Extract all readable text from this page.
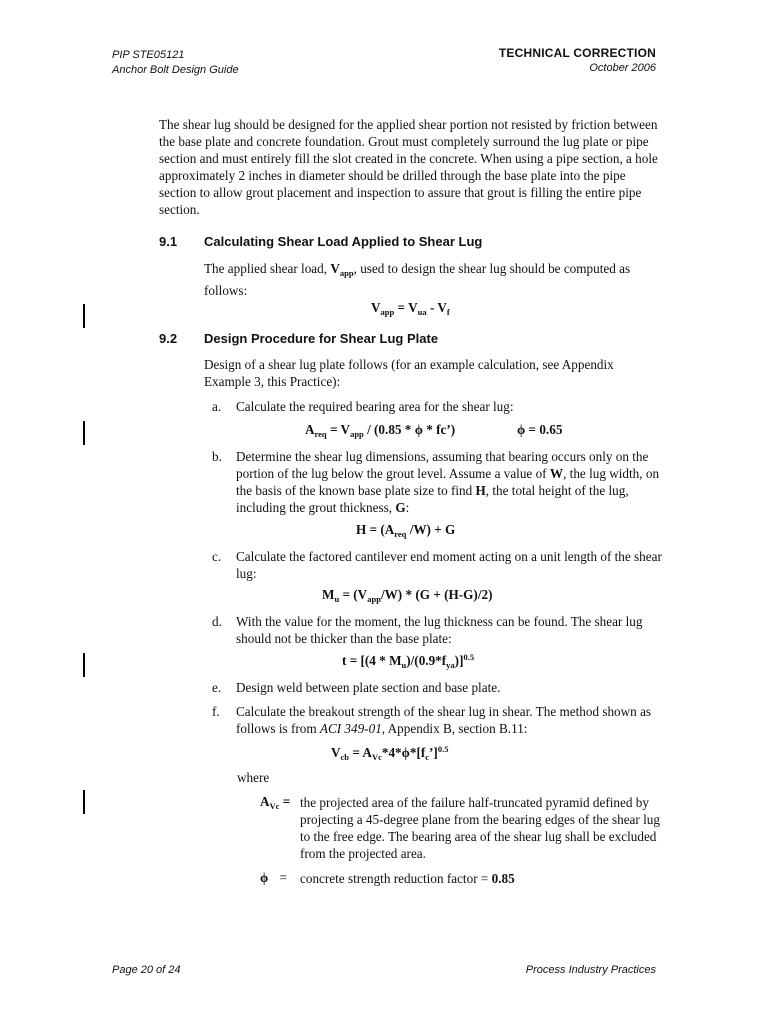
PIP STE05121
Anchor Bolt Design Guide
TECHNICAL CORRECTION
October 2006
The shear lug should be designed for the applied shear portion not resisted by friction between the base plate and concrete foundation. Grout must completely surround the lug plate or pipe section and must entirely fill the slot created in the concrete. When using a pipe section, a hole approximately 2 inches in diameter should be drilled through the base plate into the pipe section to allow grout placement and inspection to assure that grout is filling the entire pipe section.
9.1 Calculating Shear Load Applied to Shear Lug
The applied shear load, $V_{app}$, used to design the shear lug should be computed as follows:
$V_{app} = V_{ua} - V_f$
9.2 Design Procedure for Shear Lug Plate
Design of a shear lug plate follows (for an example calculation, see Appendix Example 3, this Practice):
a. Calculate the required bearing area for the shear lug:
$A_{req} = V_{app} / (0.85 * \phi$ * fc’)	ϕ = 0.65
b. Determine the shear lug dimensions, assuming that bearing occurs only on the portion of the lug below the grout level. Assume a value of W, the lug width, on the basis of the known base plate size to find H, the total height of the lug, including the grout thickness, G:
$H = (A_{req}$ /W) + G
c. Calculate the factored cantilever end moment acting on a unit length of the shear lug:
$M_u = (V_{app}/W) * (G + (H-G)/2)$
d. With the value for the moment, the lug thickness can be found. The shear lug should not be thicker than the base plate:
$t = [(4 * M_u)/(0.9*f_{ya})]^{0.5}$
e. Design weld between plate section and base plate.
f. Calculate the breakout strength of the shear lug in shear. The method shown as follows is from ACI 349-01, Appendix B, section B.11:
$V_{cb}$ = $A_{Vc}*4*\phi*[f_c’]^{0.5}$
where
$A_{Vc}$ = the projected area of the failure half-truncated pyramid defined by projecting a 45-degree plane from the bearing edges of the shear lug to the free edge. The bearing area of the shear lug shall be excluded from the projected area.
ϕ = concrete strength reduction factor = 0.85
Page 20 of 24	Process Industry Practices
